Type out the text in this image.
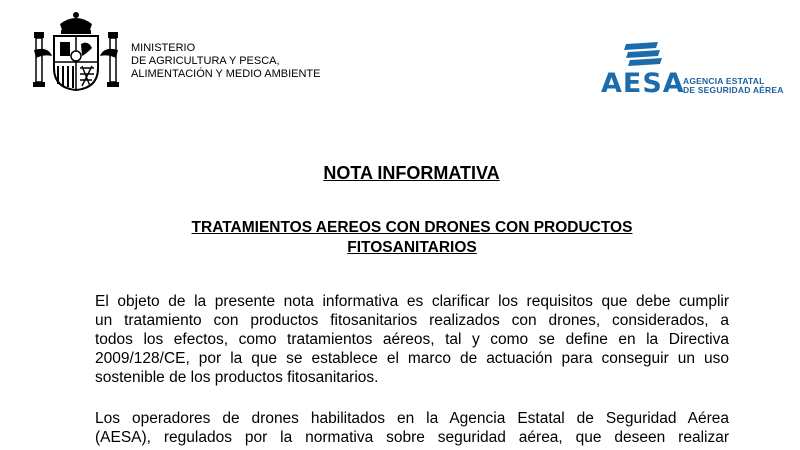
MINISTERIO
DE AGRICULTURA Y PESCA,
ALIMENTACIÓN Y MEDIO AMBIENTE	AESA
AGENCIA ESTATAL
DE SEGURIDAD AÉREA
NOTA INFORMATIVA
TRATAMIENTOS AEREOS CON DRONES CON PRODUCTOS
FITOSANITARIOS

El objeto de la presente nota informativa es clarificar los requisitos que debe cumplir
un tratamiento con productos fitosanitarios realizados con drones, considerados, a
todos los efectos, como tratamientos aéreos, tal y como se define en la Directiva
2009/128/CE, por la que se establece el marco de actuación para conseguir un uso
sostenible de los productos fitosanitarios.

Los operadores de drones habilitados en la Agencia Estatal de Seguridad Aérea
(AESA), regulados por la normativa sobre seguridad aérea, que deseen realizar
